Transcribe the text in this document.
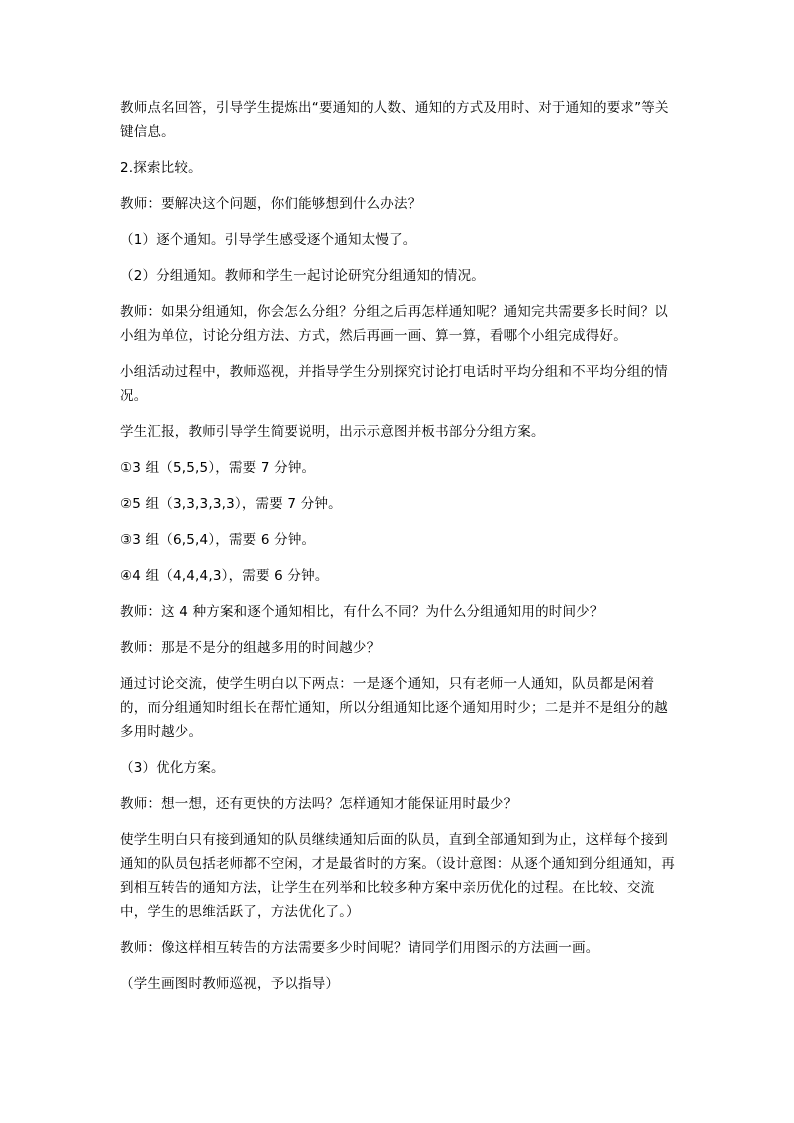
教师点名回答，引导学生提炼出“要通知的人数、通知的方式及用时、对于通知的要求”等关键信息。

2.探索比较。

教师：要解决这个问题，你们能够想到什么办法？

（1）逐个通知。引导学生感受逐个通知太慢了。

（2）分组通知。教师和学生一起讨论研究分组通知的情况。

教师：如果分组通知，你会怎么分组？分组之后再怎样通知呢？通知完共需要多长时间？以小组为单位，讨论分组方法、方式，然后再画一画、算一算，看哪个小组完成得好。

小组活动过程中，教师巡视，并指导学生分别探究讨论打电话时平均分组和不平均分组的情况。

学生汇报，教师引导学生简要说明，出示示意图并板书部分分组方案。

①3 组（5,5,5），需要 7 分钟。

②5 组（3,3,3,3,3），需要 7 分钟。

③3 组（6,5,4），需要 6 分钟。

④4 组（4,4,4,3），需要 6 分钟。

教师：这 4 种方案和逐个通知相比，有什么不同？为什么分组通知用的时间少？

教师：那是不是分的组越多用的时间越少？

通过讨论交流，使学生明白以下两点：一是逐个通知，只有老师一人通知，队员都是闲着的，而分组通知时组长在帮忙通知，所以分组通知比逐个通知用时少；二是并不是组分的越多用时越少。

（3）优化方案。

教师：想一想，还有更快的方法吗？怎样通知才能保证用时最少？

使学生明白只有接到通知的队员继续通知后面的队员，直到全部通知到为止，这样每个接到通知的队员包括老师都不空闲，才是最省时的方案。（设计意图：从逐个通知到分组通知，再到相互转告的通知方法，让学生在列举和比较多种方案中亲历优化的过程。在比较、交流中，学生的思维活跃了，方法优化了。）

教师：像这样相互转告的方法需要多少时间呢？请同学们用图示的方法画一画。

（学生画图时教师巡视，予以指导）
